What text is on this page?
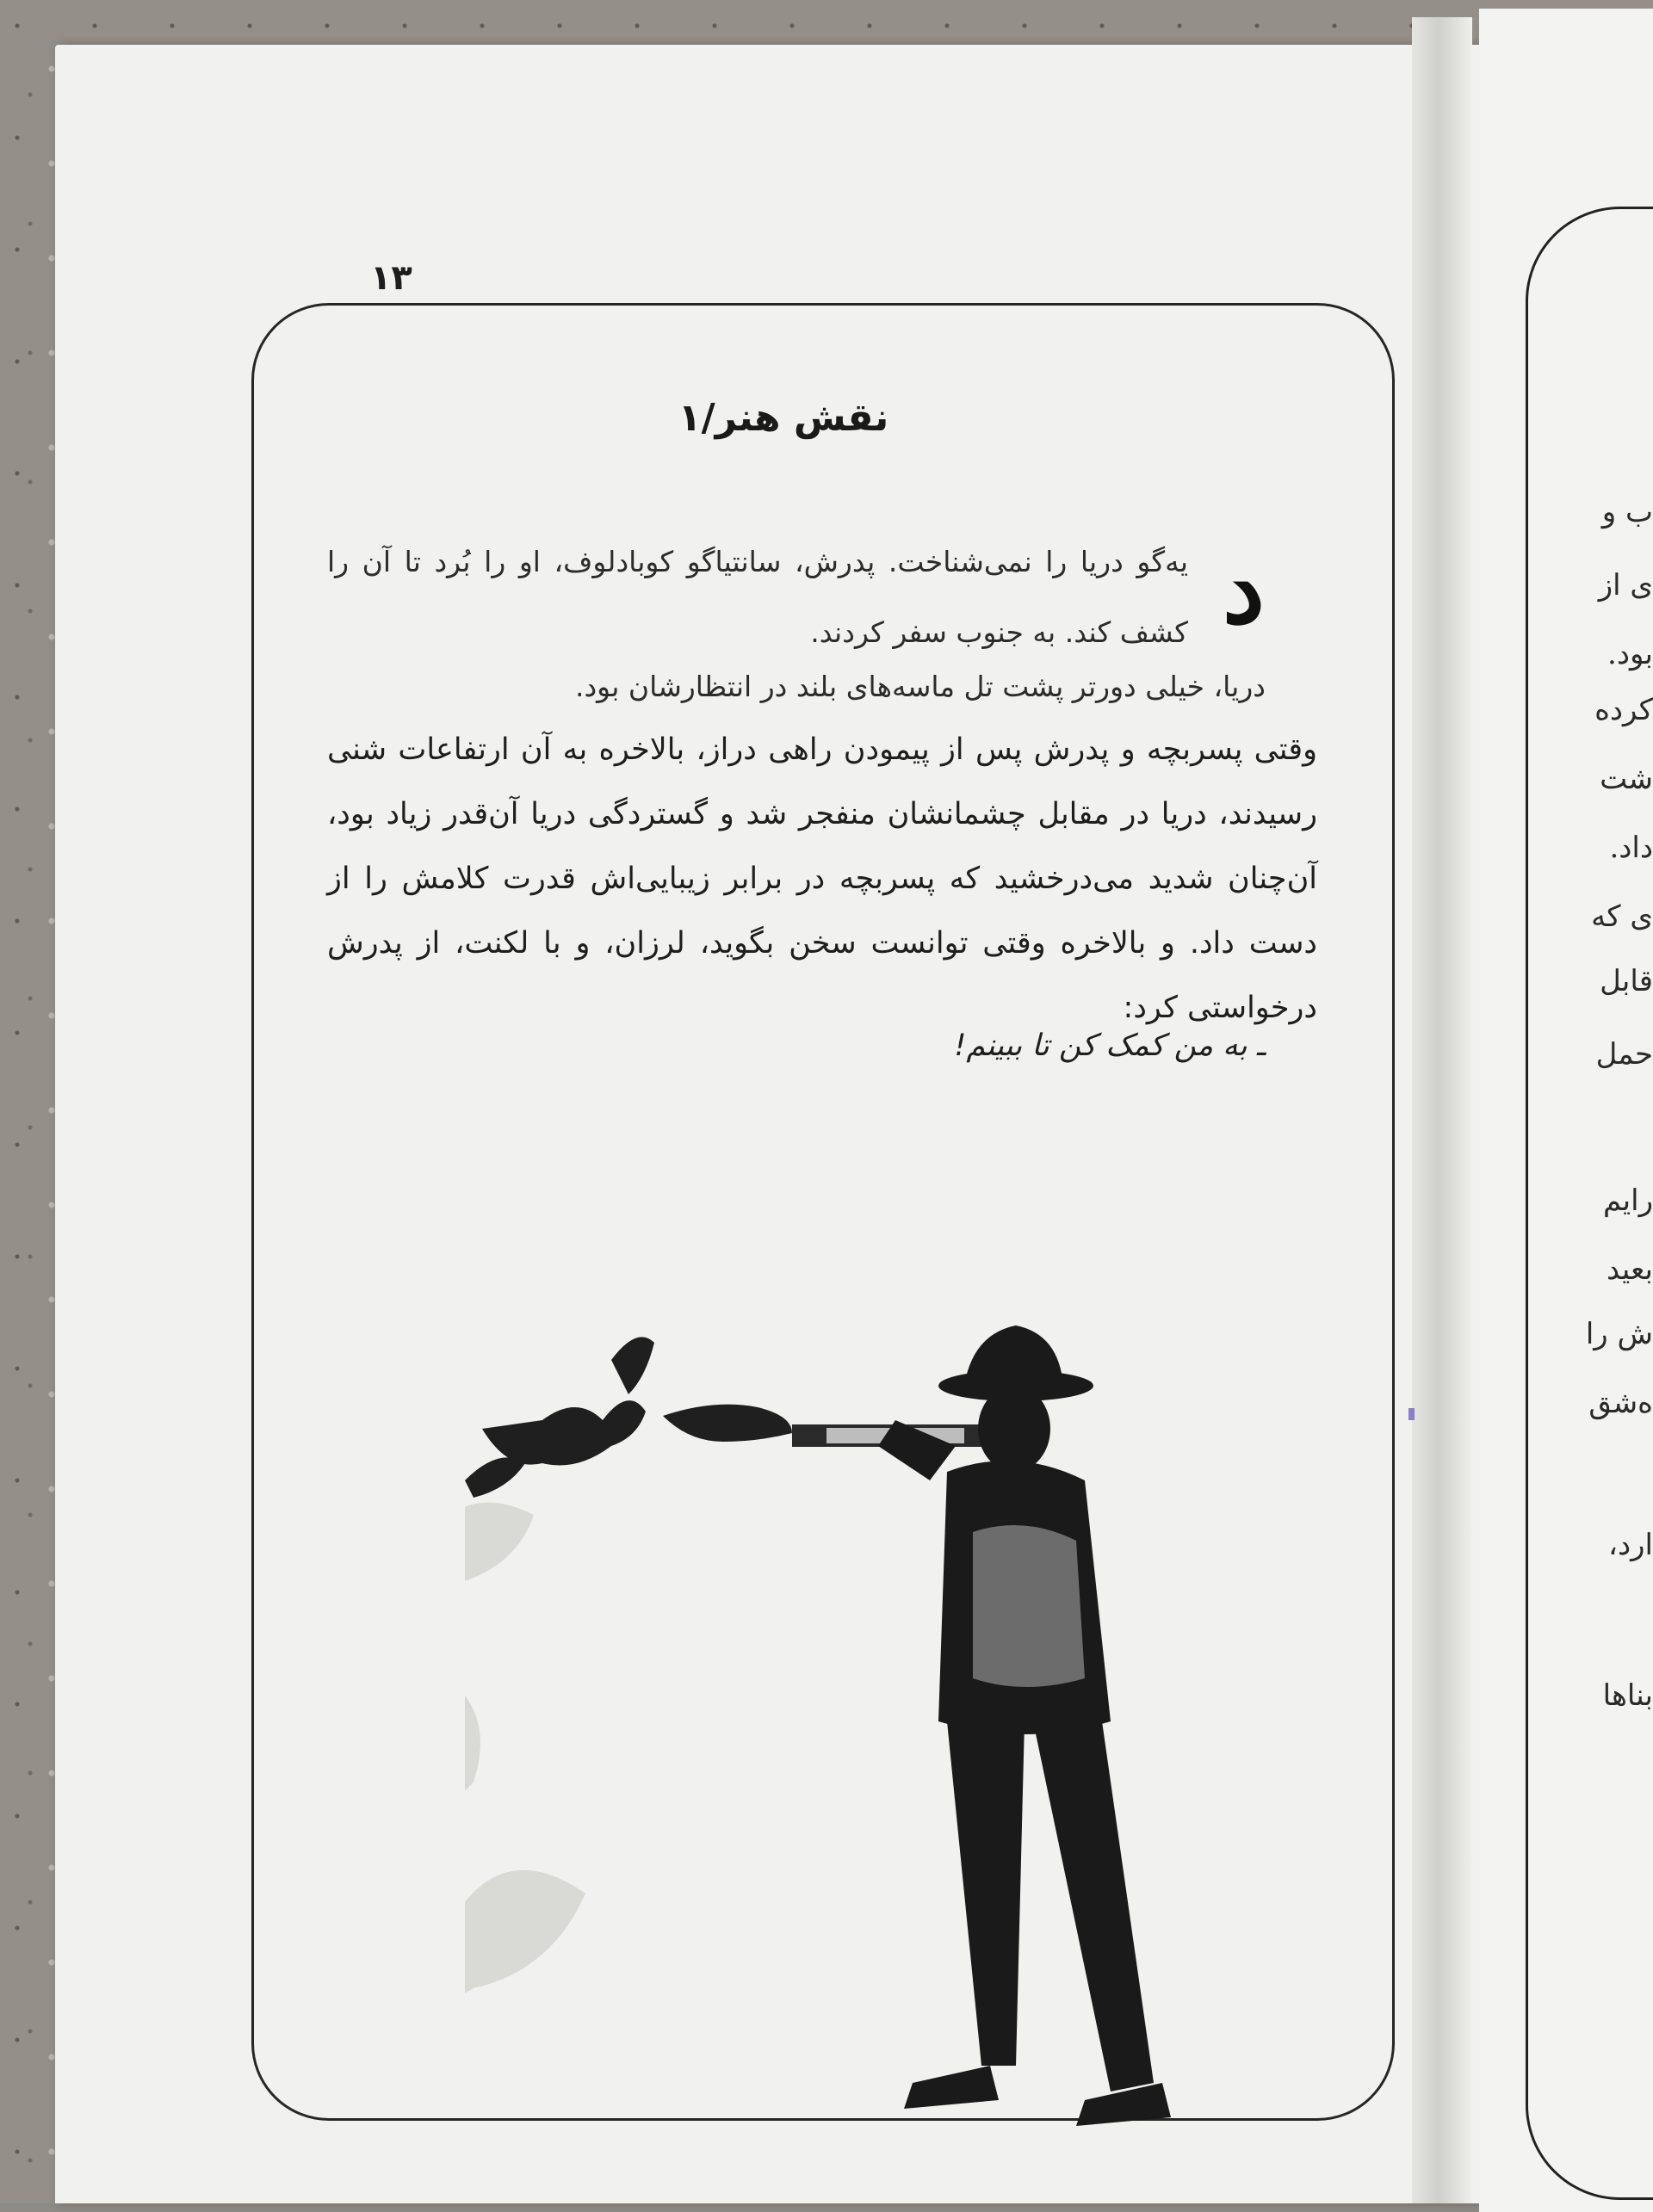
ب و
ی از
بود.
کرده
شت
داد.
ی که
قابل
حمل
رایم
بعید
ش را
ه‌شقِ
ارد،
بناها
۱۳
نقش هنر/۱
د
یه‌گو دریا را نمی‌شناخت. پدرش، سانتیاگو کوبادلوف، او را بُرد تا آن را کشف کند. به جنوب سفر کردند.
دریا، خیلی دورتر پشت تل ماسه‌های بلند در انتظارشان بود.
وقتی پسربچه و پدرش پس از پیمودن راهی دراز، بالاخره به آن ارتفاعات شنی رسیدند، دریا در مقابل چشمانشان منفجر شد و گستردگی دریا آن‌قدر زیاد بود، آن‌چنان شدید می‌درخشید که پسربچه در برابر زیبایی‌اش قدرت کلامش را از دست داد. و بالاخره وقتی توانست سخن بگوید، لرزان، و با لکنت، از پدرش درخواستی کرد:
ـ به من کمک کن تا ببینم!
